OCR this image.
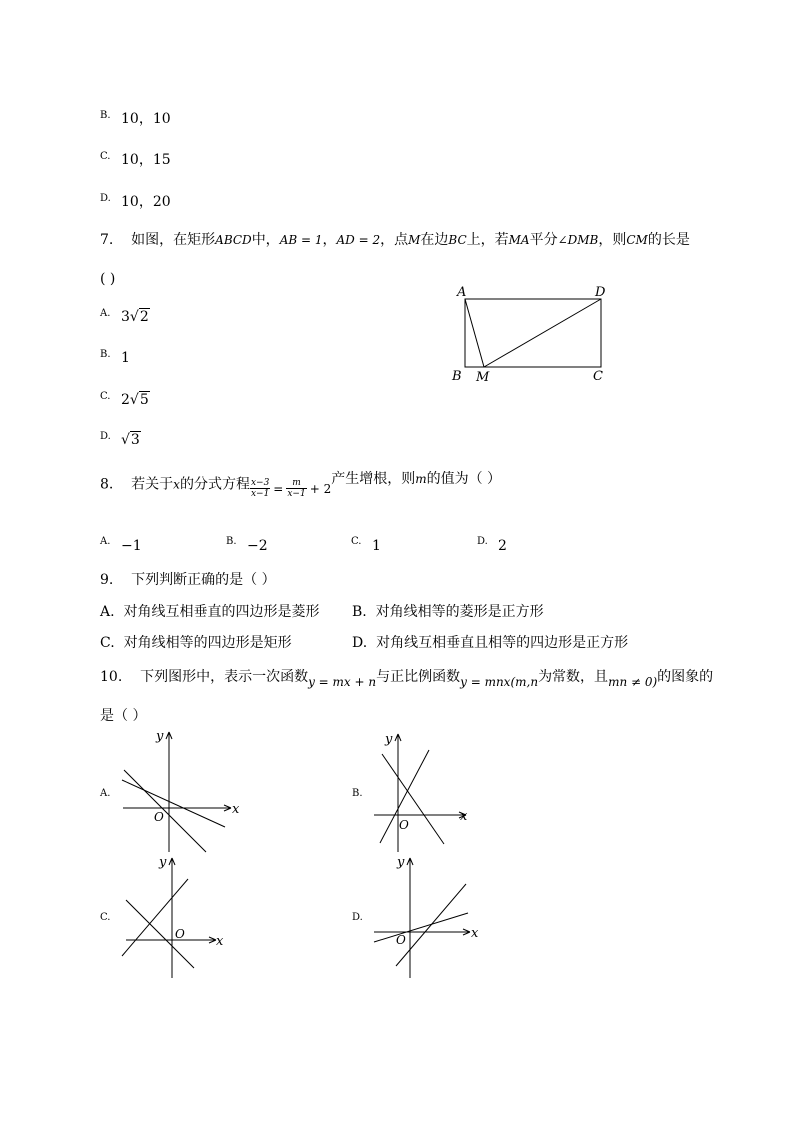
B. 10，10
C. 10，15
D. 10，20
7. 如图，在矩形ABCD中，AB = 1，AD = 2，点M在边BC上，若MA平分∠DMB，则CM的长是
( )
A. 3√2
B. 1
C. 2√5
D. √3
A	D
B M	C
8. 若关于x的分式方程 $\frac{x-3}{x-1} = \frac{m}{x-1} + 2$产生增根，则m的值为（ ）
A. −1	B. −2	C. 1	D. 2
9. 下列判断正确的是（ ）
A. 对角线互相垂直的四边形是菱形 B. 对角线相等的菱形是正方形
C. 对角线相等的四边形是矩形	D. 对角线互相垂直且相等的四边形是正方形
10. 下列图形中，表示一次函数y = mx + n与正比例函数y = mnx(m,n为常数，且mn ≠ 0)的图象的
是（ ）
A.
x
y
O
B.
x
y
O
C.
x
y
O
D.
x
y
O
